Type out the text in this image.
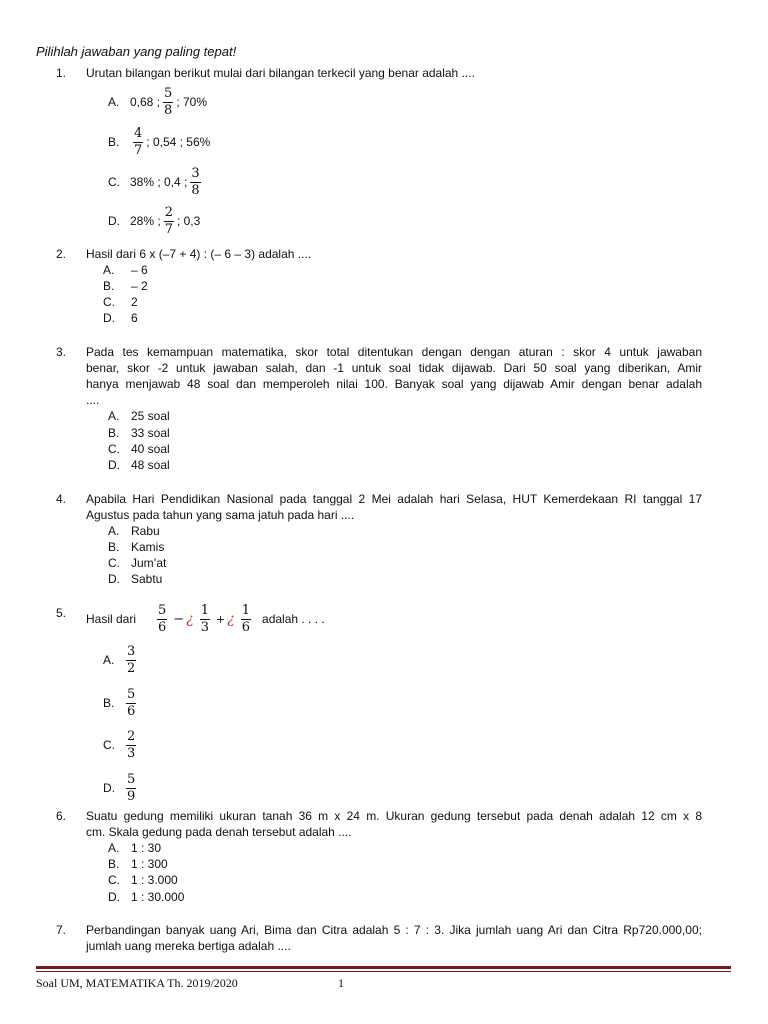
Pilihlah jawaban yang paling tepat!
1. Urutan bilangan berikut mulai dari bilangan terkecil yang benar adalah ....
A. 0,68 ; $\frac{5}{8}$ ; 70%
B.	$\frac{4}{7}$ ; 0,54 ; 56%
C. 38% ; 0,4 ; $\frac{3}{8}$
D. 28% ; $\frac{2}{7}$ ; 0,3
2. Hasil dari 6 x (–7 + 4) : (– 6 – 3) adalah ....
A. – 6
B. – 2
C. 2
D. 6
3. Pada tes kemampuan matematika, skor total ditentukan dengan dengan aturan : skor 4 untuk jawaban
benar, skor -2 untuk jawaban salah, dan -1 untuk soal tidak dijawab. Dari 50 soal yang diberikan, Amir
hanya menjawab 48 soal dan memperoleh nilai 100. Banyak soal yang dijawab Amir dengan benar adalah
....
A. 25 soal
B. 33 soal
C. 40 soal
D. 48 soal
4. Apabila Hari Pendidikan Nasional pada tanggal 2 Mei adalah hari Selasa, HUT Kemerdekaan RI tanggal 17
Agustus pada tahun yang sama jatuh pada hari ....
A. Rabu
B. Kamis
C. Jum’at
D. Sabtu
5. Hasil dari $\frac{5}{6}$ − ¿ $\frac{1}{3}$ + ¿ $\frac{1}{6}$ adalah . . . .
A. $\frac{3}{2}$
B. $\frac{5}{6}$
C. $\frac{2}{3}$
D. $\frac{5}{9}$
6. Suatu gedung memiliki ukuran tanah 36 m x 24 m. Ukuran gedung tersebut pada denah adalah 12 cm x 8
cm. Skala gedung pada denah tersebut adalah ....
A. 1 : 30
B. 1 : 300
C. 1 : 3.000
D. 1 : 30.000
7. Perbandingan banyak uang Ari, Bima dan Citra adalah 5 : 7 : 3. Jika jumlah uang Ari dan Citra Rp720.000,00;
jumlah uang mereka bertiga adalah ....
Soal UM, MATEMATIKA Th. 2019/2020	1
